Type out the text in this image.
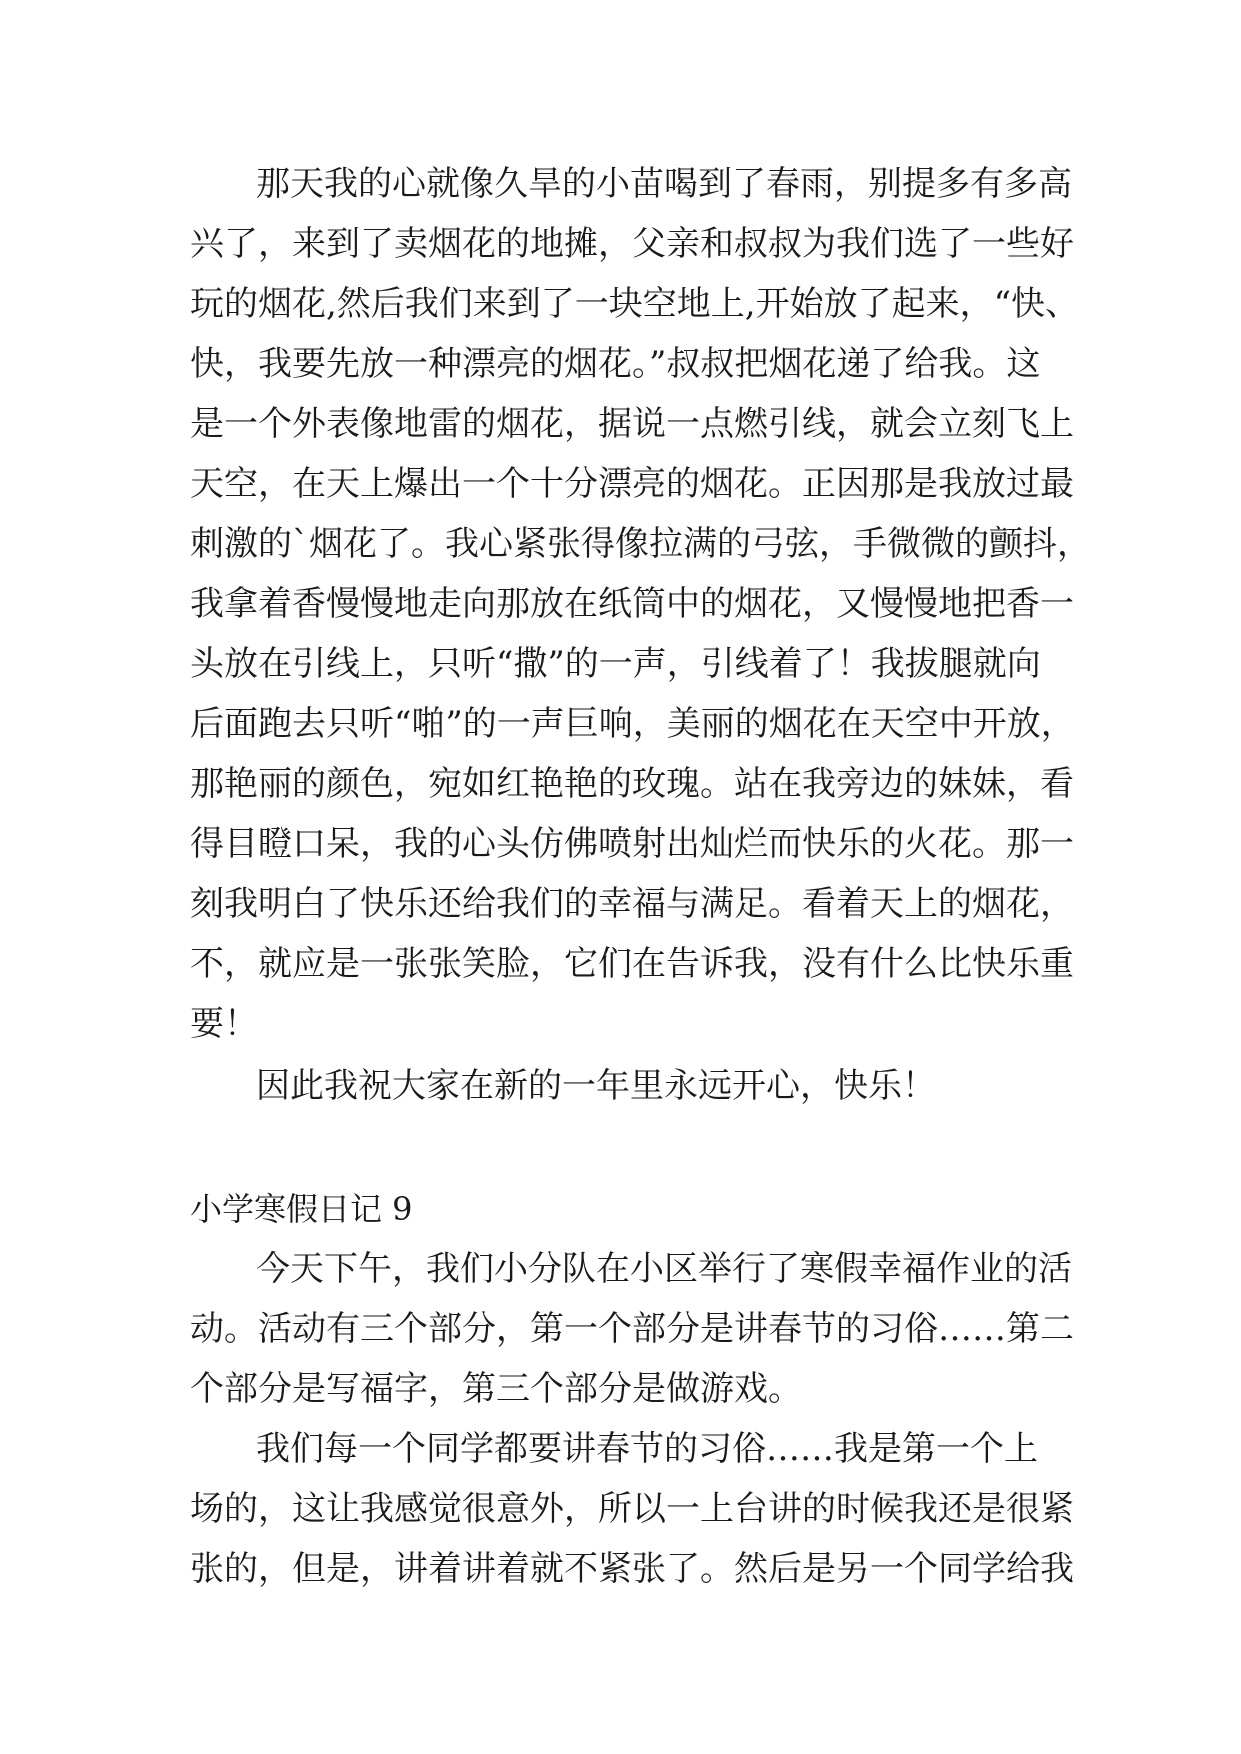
那天我的心就像久旱的小苗喝到了春雨，别提多有多高
兴了，来到了卖烟花的地摊，父亲和叔叔为我们选了一些好
玩的烟花,然后我们来到了一块空地上,开始放了起来，“快、
快，我要先放一种漂亮的烟花。”叔叔把烟花递了给我。这
是一个外表像地雷的烟花，据说一点燃引线，就会立刻飞上
天空，在天上爆出一个十分漂亮的烟花。正因那是我放过最
刺激的`烟花了。我心紧张得像拉满的弓弦，手微微的颤抖，
我拿着香慢慢地走向那放在纸筒中的烟花，又慢慢地把香一
头放在引线上，只听“撒”的一声，引线着了！我拔腿就向
后面跑去只听“啪”的一声巨响，美丽的烟花在天空中开放，
那艳丽的颜色，宛如红艳艳的玫瑰。站在我旁边的妹妹，看
得目瞪口呆，我的心头仿佛喷射出灿烂而快乐的火花。那一
刻我明白了快乐还给我们的幸福与满足。看着天上的烟花，
不，就应是一张张笑脸，它们在告诉我，没有什么比快乐重
要！
因此我祝大家在新的一年里永远开心，快乐！
小学寒假日记 9
今天下午，我们小分队在小区举行了寒假幸福作业的活
动。活动有三个部分，第一个部分是讲春节的习俗……第二
个部分是写福字，第三个部分是做游戏。
我们每一个同学都要讲春节的习俗……我是第一个上
场的，这让我感觉很意外，所以一上台讲的时候我还是很紧
张的，但是，讲着讲着就不紧张了。然后是另一个同学给我
